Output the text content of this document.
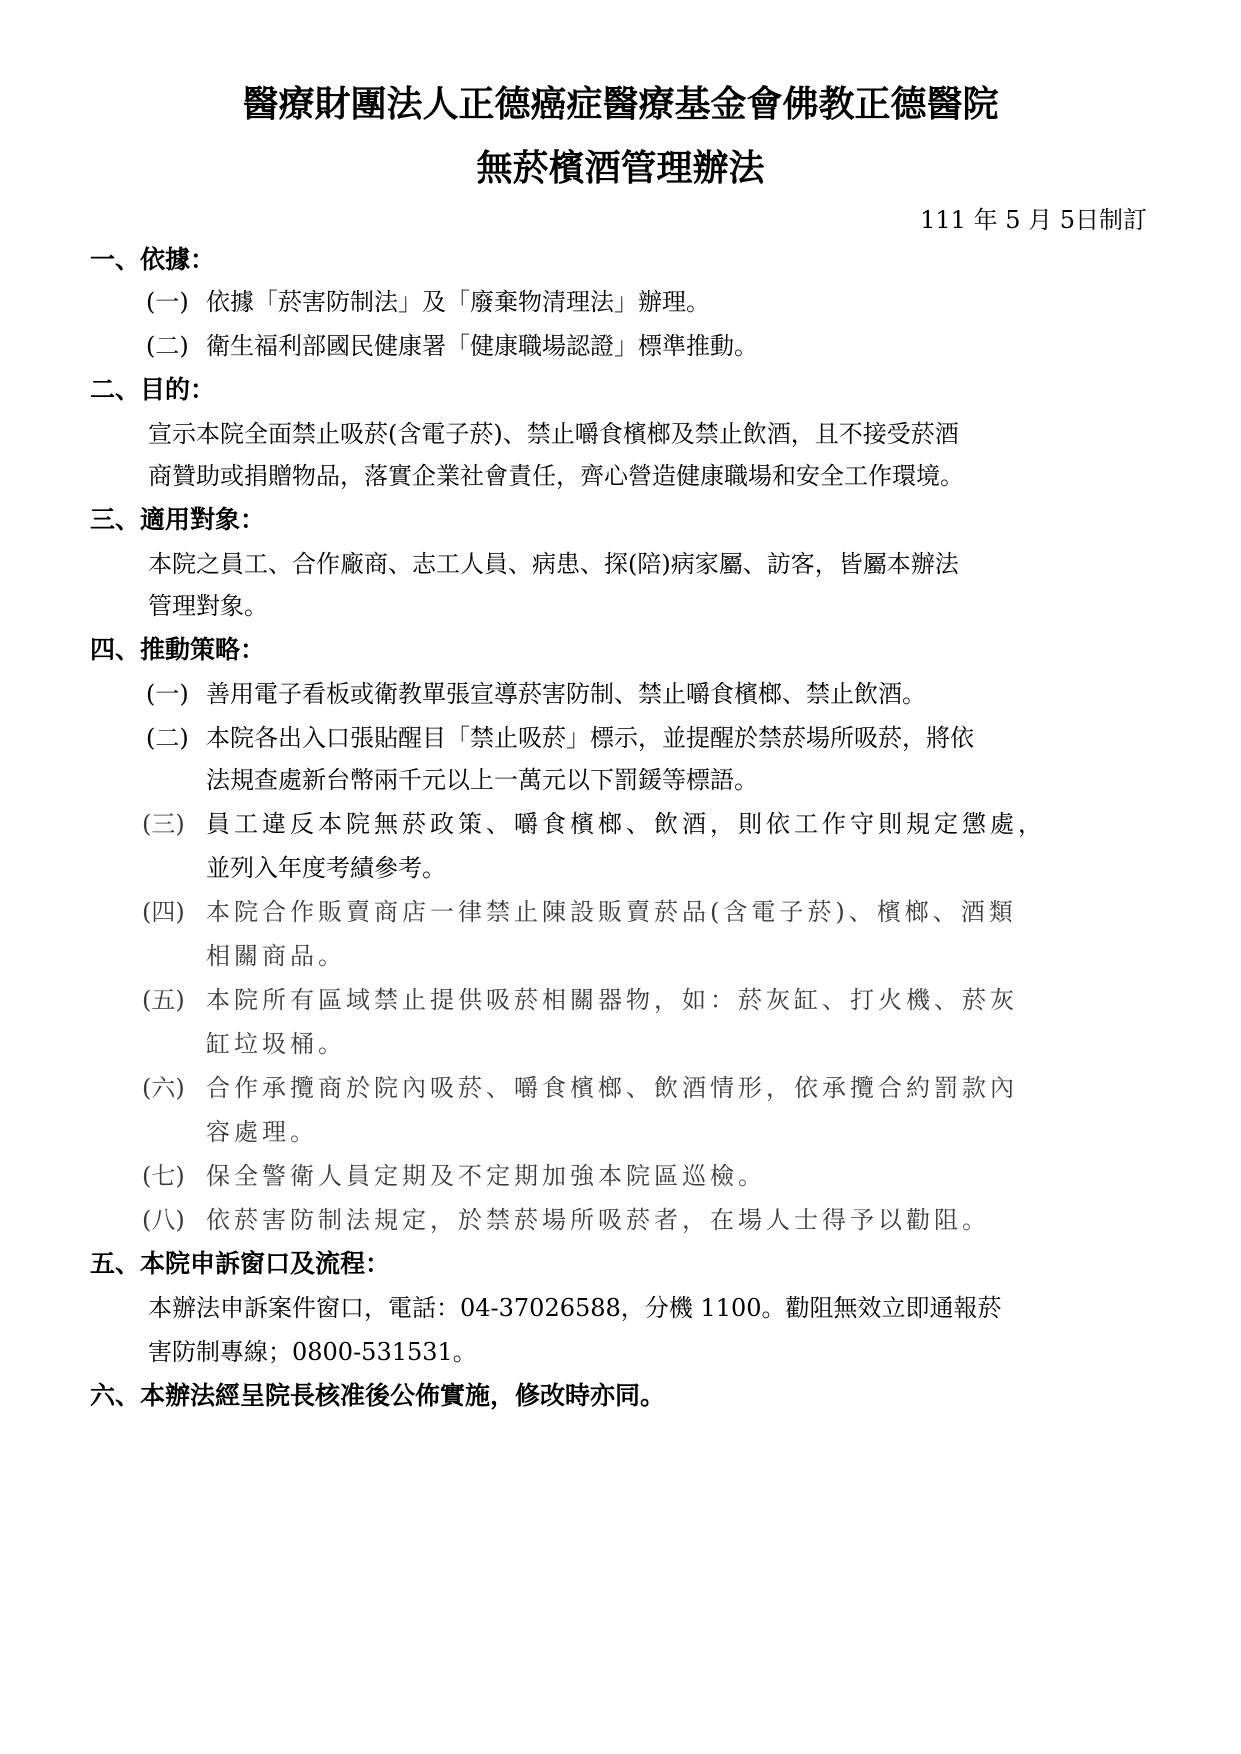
醫療財團法人正德癌症醫療基金會佛教正德醫院
無菸檳酒管理辦法
111 年 5 月 5日制訂
一、依據：
(一) 依據「菸害防制法」及「廢棄物清理法」辦理。
(二) 衛生福利部國民健康署「健康職場認證」標準推動。
二、目的：
宣示本院全面禁止吸菸(含電子菸)、禁止嚼食檳榔及禁止飲酒，且不接受菸酒
商贊助或捐贈物品，落實企業社會責任，齊心營造健康職場和安全工作環境。
三、適用對象：
本院之員工、合作廠商、志工人員、病患、探(陪)病家屬、訪客，皆屬本辦法
管理對象。
四、推動策略：
(一) 善用電子看板或衛教單張宣導菸害防制、禁止嚼食檳榔、禁止飲酒。
(二) 本院各出入口張貼醒目「禁止吸菸」標示，並提醒於禁菸場所吸菸，將依
法規查處新台幣兩千元以上一萬元以下罰鍰等標語。
(三) 員工違反本院無菸政策、嚼食檳榔、飲酒，則依工作守則規定懲處，
並列入年度考績參考。
(四) 本院合作販賣商店一律禁止陳設販賣菸品(含電子菸)、檳榔、酒類
相關商品。
(五) 本院所有區域禁止提供吸菸相關器物，如：菸灰缸、打火機、菸灰
缸垃圾桶。
(六) 合作承攬商於院內吸菸、嚼食檳榔、飲酒情形，依承攬合約罰款內
容處理。
(七) 保全警衛人員定期及不定期加強本院區巡檢。
(八) 依菸害防制法規定，於禁菸場所吸菸者，在場人士得予以勸阻。
五、本院申訴窗口及流程：
本辦法申訴案件窗口，電話：04-37026588，分機 1100。勸阻無效立即通報菸
害防制專線；0800-531531。
六、本辦法經呈院長核准後公佈實施，修改時亦同。
